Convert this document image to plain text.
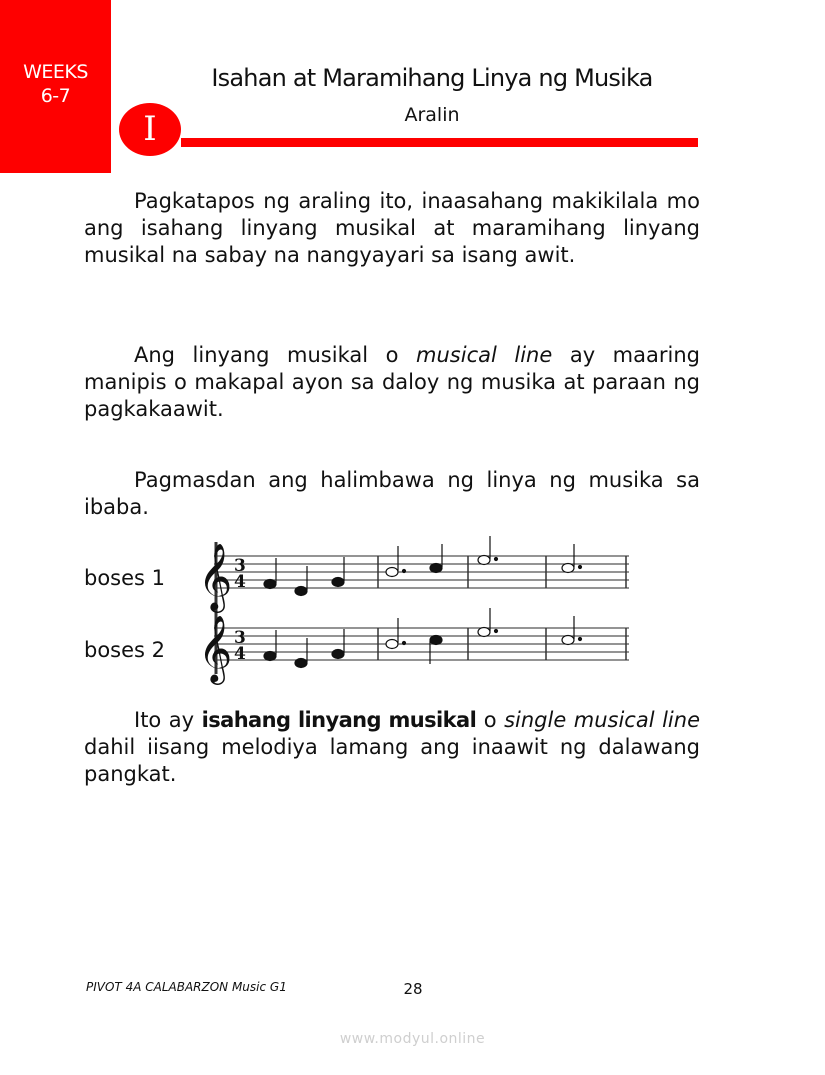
WEEKS
6-7
Isahan at Maramihang Linya ng Musika
Aralin
I

Pagkatapos ng araling ito, inaasahang makikilala mo ang isahang linyang musikal at maramihang linyang musikal na sabay na nangyayari sa isang awit.

Ang linyang musikal o musical line ay maaring manipis o makapal ayon sa daloy ng musika at paraan ng pagkakaawit.

Pagmasdan ang halimbawa ng linya ng musika sa ibaba.

boses 1
boses 2
𝄞
𝄞
3
4
3
4

Ito ay isahang linyang musikal o single musical line dahil iisang melodiya lamang ang inaawit ng dalawang pangkat.

PIVOT 4A CALABARZON Music G1	28
www.modyul.online
